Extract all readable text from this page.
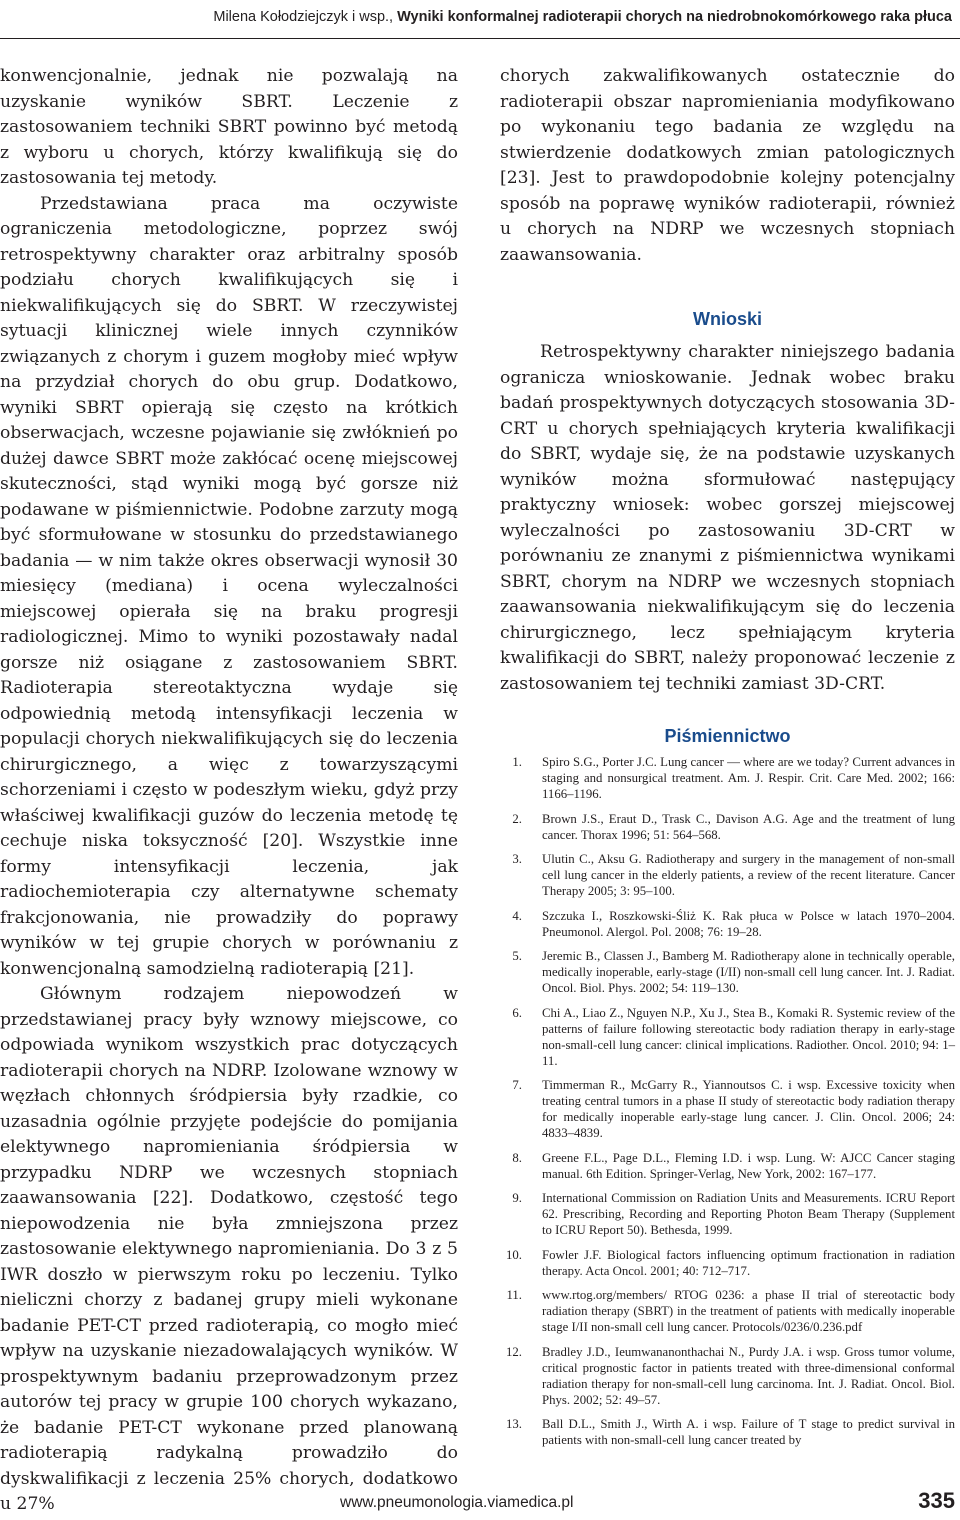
Milena Kołodziejczyk i wsp., Wyniki konformalnej radioterapii chorych na niedrobnokomórkowego raka płuca

konwencjonalnie, jednak nie pozwalają na uzyskanie wyników SBRT. Leczenie z zastosowaniem techniki SBRT powinno być metodą z wyboru u chorych, którzy kwalifikują się do zastosowania tej metody.

Przedstawiana praca ma oczywiste ograniczenia metodologiczne, poprzez swój retrospektywny charakter oraz arbitralny sposób podziału chorych kwalifikujących się i niekwalifikujących się do SBRT. W rzeczywistej sytuacji klinicznej wiele innych czynników związanych z chorym i guzem mogłoby mieć wpływ na przydział chorych do obu grup. Dodatkowo, wyniki SBRT opierają się często na krótkich obserwacjach, wczesne pojawianie się zwłóknień po dużej dawce SBRT może zakłócać ocenę miejscowej skuteczności, stąd wyniki mogą być gorsze niż podawane w piśmiennictwie. Podobne zarzuty mogą być sformułowane w stosunku do przedstawianego badania — w nim także okres obserwacji wynosił 30 miesięcy (mediana) i ocena wyleczalności miejscowej opierała się na braku progresji radiologicznej. Mimo to wyniki pozostawały nadal gorsze niż osiągane z zastosowaniem SBRT. Radioterapia stereotaktyczna wydaje się odpowiednią metodą intensyfikacji leczenia w populacji chorych niekwalifikujących się do leczenia chirurgicznego, a więc z towarzyszącymi schorzeniami i często w podeszłym wieku, gdyż przy właściwej kwalifikacji guzów do leczenia metodę tę cechuje niska toksyczność [20]. Wszystkie inne formy intensyfikacji leczenia, jak radiochemioterapia czy alternatywne schematy frakcjonowania, nie prowadziły do poprawy wyników w tej grupie chorych w porównaniu z konwencjonalną samodzielną radioterapią [21].

Głównym rodzajem niepowodzeń w przedstawianej pracy były wznowy miejscowe, co odpowiada wynikom wszystkich prac dotyczących radioterapii chorych na NDRP. Izolowane wznowy w węzłach chłonnych śródpiersia były rzadkie, co uzasadnia ogólnie przyjęte podejście do pomijania elektywnego napromieniania śródpiersia w przypadku NDRP we wczesnych stopniach zaawansowania [22]. Dodatkowo, częstość tego niepowodzenia nie była zmniejszona przez zastosowanie elektywnego napromieniania. Do 3 z 5 IWR doszło w pierwszym roku po leczeniu. Tylko nieliczni chorzy z badanej grupy mieli wykonane badanie PET-CT przed radioterapią, co mogło mieć wpływ na uzyskanie niezadowalających wyników. W prospektywnym badaniu przeprowadzonym przez autorów tej pracy w grupie 100 chorych wykazano, że badanie PET-CT wykonane przed planowaną radioterapią radykalną prowadziło do dyskwalifikacji z leczenia 25% chorych, dodatkowo u 27%

chorych zakwalifikowanych ostatecznie do radioterapii obszar napromieniania modyfikowano po wykonaniu tego badania ze względu na stwierdzenie dodatkowych zmian patologicznych [23]. Jest to prawdopodobnie kolejny potencjalny sposób na poprawę wyników radioterapii, również u chorych na NDRP we wczesnych stopniach zaawansowania.

Wnioski

Retrospektywny charakter niniejszego badania ogranicza wnioskowanie. Jednak wobec braku badań prospektywnych dotyczących stosowania 3D-CRT u chorych spełniających kryteria kwalifikacji do SBRT, wydaje się, że na podstawie uzyskanych wyników można sformułować następujący praktyczny wniosek: wobec gorszej miejscowej wyleczalności po zastosowaniu 3D-CRT w porównaniu ze znanymi z piśmiennictwa wynikami SBRT, chorym na NDRP we wczesnych stopniach zaawansowania niekwalifikującym się do leczenia chirurgicznego, lecz spełniającym kryteria kwalifikacji do SBRT, należy proponować leczenie z zastosowaniem tej techniki zamiast 3D-CRT.

Piśmiennictwo
1. Spiro S.G., Porter J.C. Lung cancer — where are we today? Current advances in staging and nonsurgical treatment. Am. J. Respir. Crit. Care Med. 2002; 166: 1166–1196.
2. Brown J.S., Eraut D., Trask C., Davison A.G. Age and the treatment of lung cancer. Thorax 1996; 51: 564–568.
3. Ulutin C., Aksu G. Radiotherapy and surgery in the management of non-small cell lung cancer in the elderly patients, a review of the recent literature. Cancer Therapy 2005; 3: 95–100.
4. Szczuka I., Roszkowski-Śliż K. Rak płuca w Polsce w latach 1970–2004. Pneumonol. Alergol. Pol. 2008; 76: 19–28.
5. Jeremic B., Classen J., Bamberg M. Radiotherapy alone in technically operable, medically inoperable, early-stage (I/II) non-small cell lung cancer. Int. J. Radiat. Oncol. Biol. Phys. 2002; 54: 119–130.
6. Chi A., Liao Z., Nguyen N.P., Xu J., Stea B., Komaki R. Systemic review of the patterns of failure following stereotactic body radiation therapy in early-stage non-small-cell lung cancer: clinical implications. Radiother. Oncol. 2010; 94: 1–11.
7. Timmerman R., McGarry R., Yiannoutsos C. i wsp. Excessive toxicity when treating central tumors in a phase II study of stereotactic body radiation therapy for medically inoperable early-stage lung cancer. J. Clin. Oncol. 2006; 24: 4833–4839.
8. Greene F.L., Page D.L., Fleming I.D. i wsp. Lung. W: AJCC Cancer staging manual. 6th Edition. Springer-Verlag, New York, 2002: 167–177.
9. International Commission on Radiation Units and Measurements. ICRU Report 62. Prescribing, Recording and Reporting Photon Beam Therapy (Supplement to ICRU Report 50). Bethesda, 1999.
10. Fowler J.F. Biological factors influencing optimum fractionation in radiation therapy. Acta Oncol. 2001; 40: 712–717.
11. www.rtog.org/members/ RTOG 0236: a phase II trial of stereotactic body radiation therapy (SBRT) in the treatment of patients with medically inoperable stage I/II non-small cell lung cancer. Protocols/0236/0.236.pdf
12. Bradley J.D., Ieumwananonthachai N., Purdy J.A. i wsp. Gross tumor volume, critical prognostic factor in patients treated with three-dimensional conformal radiation therapy for non-small-cell lung carcinoma. Int. J. Radiat. Oncol. Biol. Phys. 2002; 52: 49–57.
13. Ball D.L., Smith J., Wirth A. i wsp. Failure of T stage to predict survival in patients with non-small-cell lung cancer treated by
www.pneumonologia.viamedica.pl	335
